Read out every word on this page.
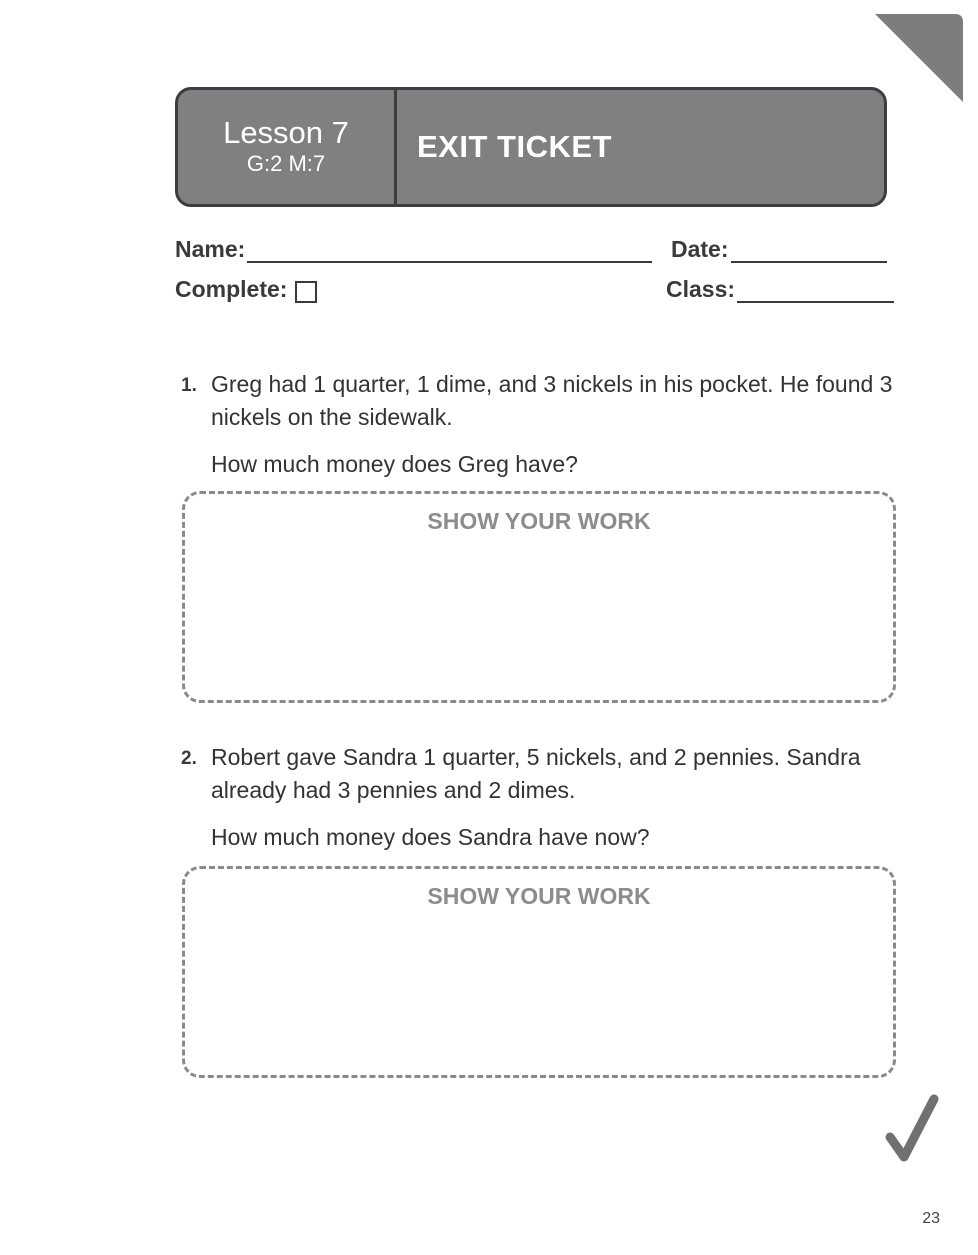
Lesson 7
G:2 M:7	EXIT TICKET
Name:	Date:
Complete:	Class:
1. Greg had 1 quarter, 1 dime, and 3 nickels in his pocket. He found 3 nickels on the sidewalk.
How much money does Greg have?
SHOW YOUR WORK
2. Robert gave Sandra 1 quarter, 5 nickels, and 2 pennies. Sandra already had 3 pennies and 2 dimes.
How much money does Sandra have now?
SHOW YOUR WORK
23
